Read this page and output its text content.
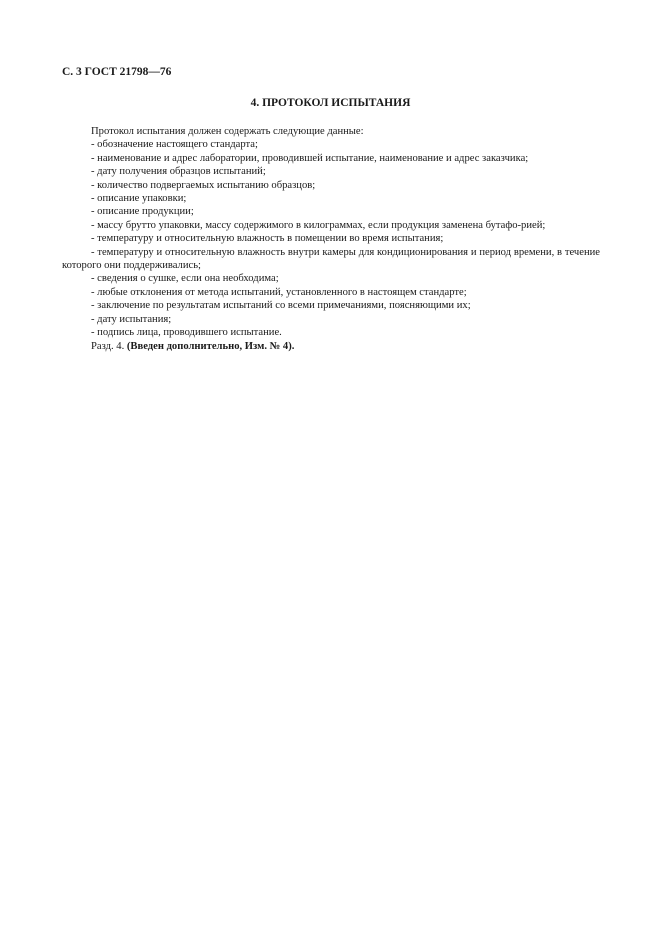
С. 3 ГОСТ 21798—76
4. ПРОТОКОЛ ИСПЫТАНИЯ

Протокол испытания должен содержать следующие данные:

- обозначение настоящего стандарта;

- наименование и адрес лаборатории, проводившей испытание, наименование и адрес заказчика;

- дату получения образцов испытаний;

- количество подвергаемых испытанию образцов;

- описание упаковки;

- описание продукции;

- массу брутто упаковки, массу содержимого в килограммах, если продукция заменена бутафо-рией;

- температуру и относительную влажность в помещении во время испытания;

- температуру и относительную влажность внутри камеры для кондиционирования и период времени, в течение которого они поддерживались;

- сведения о сушке, если она необходима;

- любые отклонения от метода испытаний, установленного в настоящем стандарте;

- заключение по результатам испытаний со всеми примечаниями, поясняющими их;

- дату испытания;

- подпись лица, проводившего испытание.

Разд. 4. (Введен дополнительно, Изм. № 4).
